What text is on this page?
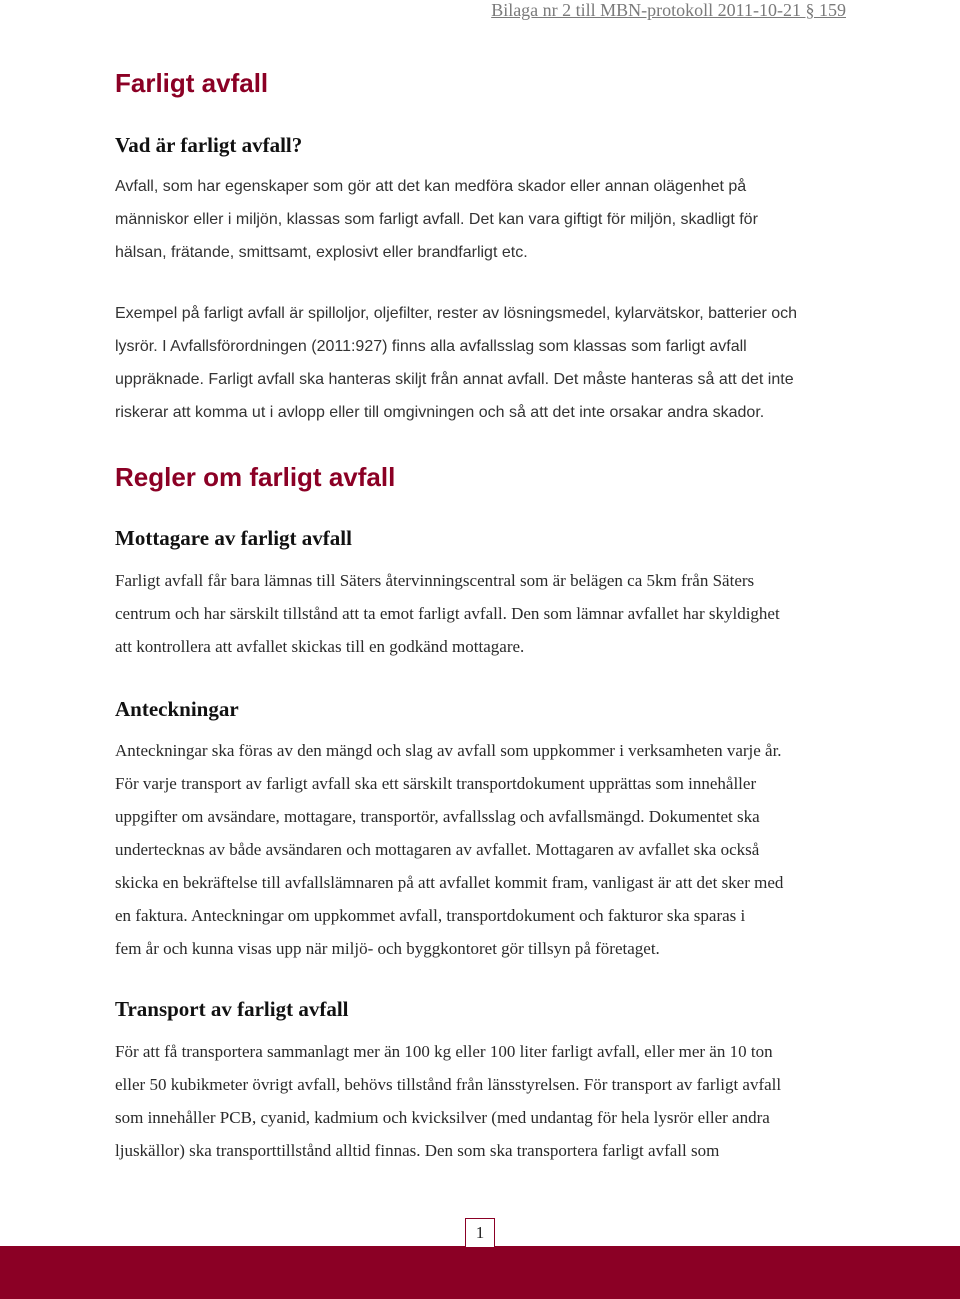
Bilaga nr 2 till MBN-protokoll 2011-10-21 § 159
Farligt avfall
Vad är farligt avfall?

Avfall, som har egenskaper som gör att det kan medföra skador eller annan olägenhet på
människor eller i miljön, klassas som farligt avfall. Det kan vara giftigt för miljön, skadligt för
hälsan, frätande, smittsamt, explosivt eller brandfarligt etc.

Exempel på farligt avfall är spilloljor, oljefilter, rester av lösningsmedel, kylarvätskor, batterier och
lysrör. I Avfallsförordningen (2011:927) finns alla avfallsslag som klassas som farligt avfall
uppräknade. Farligt avfall ska hanteras skiljt från annat avfall. Det måste hanteras så att det inte
riskerar att komma ut i avlopp eller till omgivningen och så att det inte orsakar andra skador.

Regler om farligt avfall
Mottagare av farligt avfall

Farligt avfall får bara lämnas till Säters återvinningscentral som är belägen ca 5km från Säters
centrum och har särskilt tillstånd att ta emot farligt avfall. Den som lämnar avfallet har skyldighet
att kontrollera att avfallet skickas till en godkänd mottagare.

Anteckningar

Anteckningar ska föras av den mängd och slag av avfall som uppkommer i verksamheten varje år.
För varje transport av farligt avfall ska ett särskilt transportdokument upprättas som innehåller
uppgifter om avsändare, mottagare, transportör, avfallsslag och avfallsmängd. Dokumentet ska
undertecknas av både avsändaren och mottagaren av avfallet. Mottagaren av avfallet ska också
skicka en bekräftelse till avfallslämnaren på att avfallet kommit fram, vanligast är att det sker med
en faktura. Anteckningar om uppkommet avfall, transportdokument och fakturor ska sparas i
fem år och kunna visas upp när miljö- och byggkontoret gör tillsyn på företaget.

Transport av farligt avfall

För att få transportera sammanlagt mer än 100 kg eller 100 liter farligt avfall, eller mer än 10 ton
eller 50 kubikmeter övrigt avfall, behövs tillstånd från länsstyrelsen. För transport av farligt avfall
som innehåller PCB, cyanid, kadmium och kvicksilver (med undantag för hela lysrör eller andra
ljuskällor) ska transporttillstånd alltid finnas. Den som ska transportera farligt avfall som

1
